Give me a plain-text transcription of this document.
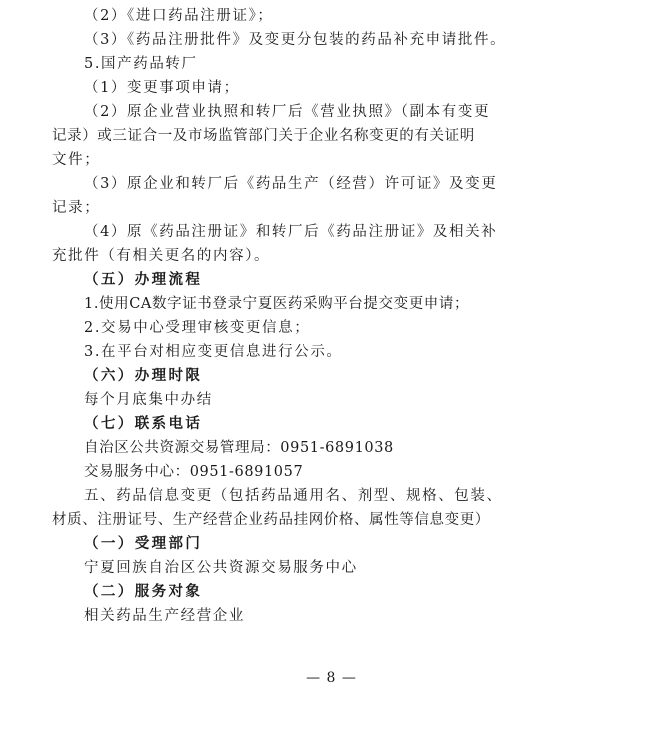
（2）《进口药品注册证》；
（3）《药品注册批件》及变更分包装的药品补充申请批件。
5.国产药品转厂
（1）变更事项申请；
（2）原企业营业执照和转厂后《营业执照》（副本有变更
记录）或三证合一及市场监管部门关于企业名称变更的有关证明
文件；
（3）原企业和转厂后《药品生产（经营）许可证》及变更
记录；
（4）原《药品注册证》和转厂后《药品注册证》及相关补
充批件（有相关更名的内容）。
（五）办理流程
1.使用CA数字证书登录宁夏医药采购平台提交变更申请；
2.交易中心受理审核变更信息；
3.在平台对相应变更信息进行公示。
（六）办理时限
每个月底集中办结
（七）联系电话
自治区公共资源交易管理局：0951-6891038
交易服务中心：0951-6891057
五、药品信息变更（包括药品通用名、剂型、规格、包装、
材质、注册证号、生产经营企业药品挂网价格、属性等信息变更）
（一）受理部门
宁夏回族自治区公共资源交易服务中心
（二）服务对象
相关药品生产经营企业
— 8 —
